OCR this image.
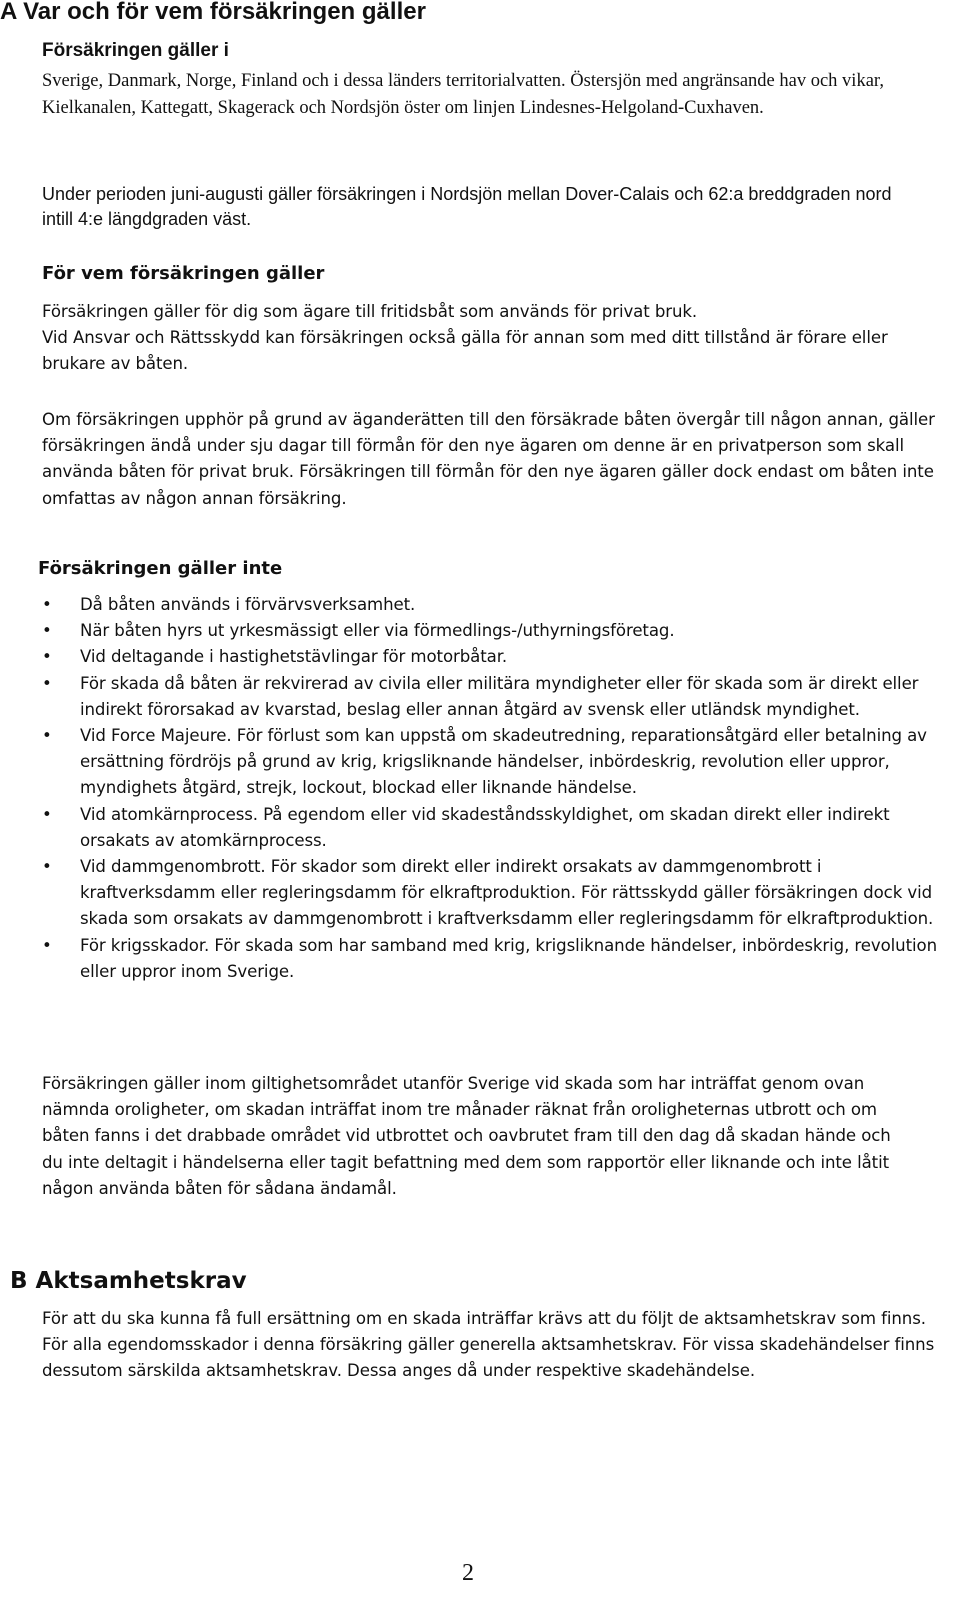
A Var och för vem försäkringen gäller
Försäkringen gäller i

Sverige, Danmark, Norge, Finland och i dessa länders territorialvatten. Östersjön med angränsande hav och vikar, Kielkanalen, Kattegatt, Skagerack och Nordsjön öster om linjen Lindesnes-Helgoland-Cuxhaven.

Under perioden juni-augusti gäller försäkringen i Nordsjön mellan Dover-Calais och 62:a breddgraden nord intill 4:e längdgraden väst.

För vem försäkringen gäller

Försäkringen gäller för dig som ägare till fritidsbåt som används för privat bruk.

Vid Ansvar och Rättsskydd kan försäkringen också gälla för annan som med ditt tillstånd är förare eller brukare av båten.

Om försäkringen upphör på grund av äganderätten till den försäkrade båten övergår till någon annan, gäller försäkringen ändå under sju dagar till förmån för den nye ägaren om denne är en privatperson som skall använda båten för privat bruk. Försäkringen till förmån för den nye ägaren gäller dock endast om båten inte omfattas av någon annan försäkring.

Försäkringen gäller inte
• Då båten används i förvärvsverksamhet.
• När båten hyrs ut yrkesmässigt eller via förmedlings-/uthyrningsföretag.
• Vid deltagande i hastighetstävlingar för motorbåtar.
• För skada då båten är rekvirerad av civila eller militära myndigheter eller för skada som är direkt eller indirekt förorsakad av kvarstad, beslag eller annan åtgärd av svensk eller utländsk myndighet.
• Vid Force Majeure. För förlust som kan uppstå om skadeutredning, reparationsåtgärd eller betalning av ersättning fördröjs på grund av krig, krigsliknande händelser, inbördeskrig, revolution eller uppror, myndighets åtgärd, strejk, lockout, blockad eller liknande händelse.
• Vid atomkärnprocess. På egendom eller vid skadeståndsskyldighet, om skadan direkt eller indirekt orsakats av atomkärnprocess.
• Vid dammgenombrott. För skador som direkt eller indirekt orsakats av dammgenombrott i kraftverksdamm eller regleringsdamm för elkraftproduktion. För rättsskydd gäller försäkringen dock vid skada som orsakats av dammgenombrott i kraftverksdamm eller regleringsdamm för elkraftproduktion.
• För krigsskador. För skada som har samband med krig, krigsliknande händelser, inbördeskrig, revolution eller uppror inom Sverige.

Försäkringen gäller inom giltighetsområdet utanför Sverige vid skada som har inträffat genom ovan nämnda oroligheter, om skadan inträffat inom tre månader räknat från oroligheternas utbrott och om båten fanns i det drabbade området vid utbrottet och oavbrutet fram till den dag då skadan hände och du inte deltagit i händelserna eller tagit befattning med dem som rapportör eller liknande och inte låtit någon använda båten för sådana ändamål.

B Aktsamhetskrav

För att du ska kunna få full ersättning om en skada inträffar krävs att du följt de aktsamhetskrav som finns. För alla egendomsskador i denna försäkring gäller generella aktsamhetskrav. För vissa skadehändelser finns dessutom särskilda aktsamhetskrav. Dessa anges då under respektive skadehändelse.

2
